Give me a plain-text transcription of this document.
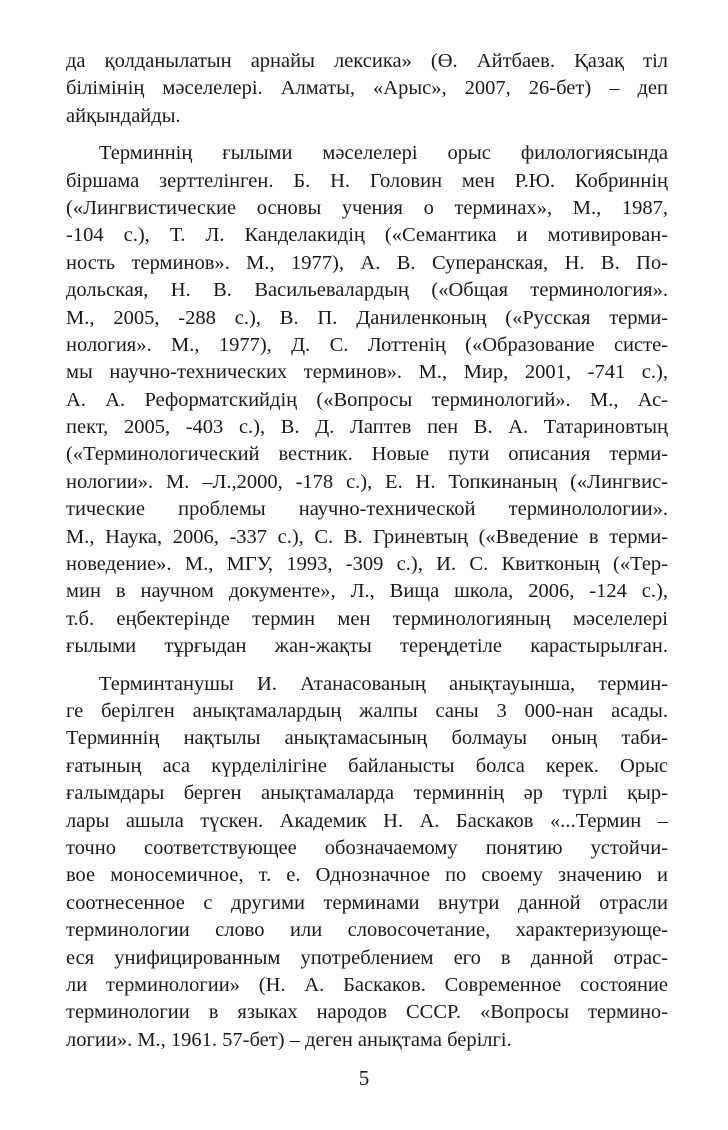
да қолданылатын арнайы лексика» (Ө. Айтбаев. Қазақ тіл
білімінің мәселелері. Алматы, «Арыс», 2007, 26-бет) – деп
айқындайды.
Терминнің ғылыми мәселелері орыс филологиясында
біршама зерттелінген. Б. Н. Головин мен Р.Ю. Кобриннің
(«Лингвистические основы учения о терминах», М., 1987,
-104 с.), Т. Л. Канделакидің («Семантика и мотивирован-
ность терминов». М., 1977), А. В. Суперанская, Н. В. По-
дольская, Н. В. Васильевалардың («Общая терминология».
М., 2005, -288 с.), В. П. Даниленконың («Русская терми-
нология». М., 1977), Д. С. Лоттенің («Образование систе-
мы научно-технических терминов». М., Мир, 2001, -741 с.),
А. А. Реформатскийдің («Вопросы терминологий». М., Ас-
пект, 2005, -403 с.), В. Д. Лаптев пен В. А. Татариновтың
(«Терминологический вестник. Новые пути описания терми-
нологии». М. –Л.,2000, -178 с.), Е. Н. Топкинаның («Лингвис-
тические проблемы научно-технической терминолологии».
М., Наука, 2006, -337 с.), С. В. Гриневтың («Введение в терми-
новедение». М., МГУ, 1993, -309 с.), И. С. Квитконың («Тер-
мин в научном документе», Л., Вища школа, 2006, -124 с.),
т.б. еңбектерінде термин мен терминологияның мәселелері
ғылыми тұрғыдан жан-жақты тереңдетіле карастырылған.
Терминтанушы И. Атанасованың анықтауынша, термин-
ге берілген анықтамалардың жалпы саны 3 000-нан асады.
Терминнің нақтылы анықтамасының болмауы оның таби-
ғатының аса күрделілігіне байланысты болса керек. Орыс
ғалымдары берген анықтамаларда терминнің әр түрлі қыр-
лары ашыла түскен. Академик Н. А. Баскаков «...Термин –
точно соответствующее обозначаемому понятию устойчи-
вое моносемичное, т. е. Однозначное по своему значению и
соотнесенное с другими терминами внутри данной отрасли
терминологии слово или словосочетание, характеризующе-
еся унифицированным употреблением его в данной отрас-
ли терминологии» (Н. А. Баскаков. Современное состояние
терминологии в языках народов СССР. «Вопросы термино-
логии». М., 1961. 57-бет) – деген анықтама берілгі.
5
